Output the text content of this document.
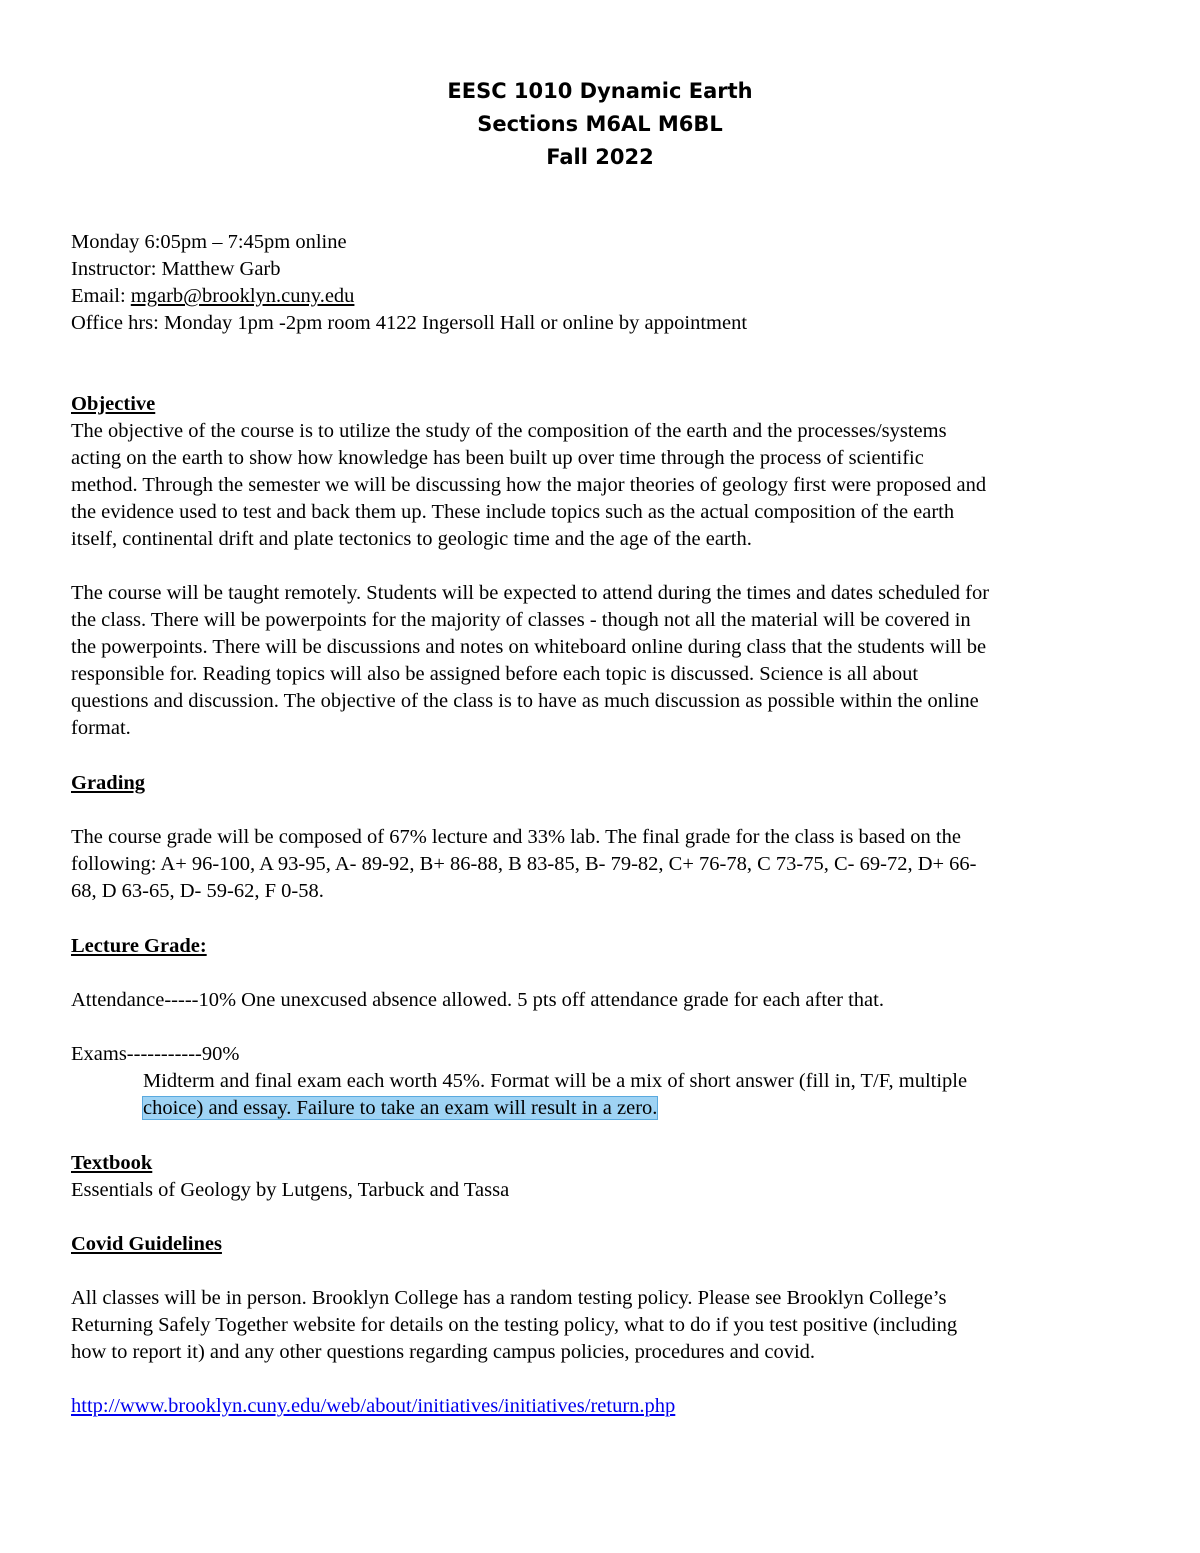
EESC 1010 Dynamic Earth
Sections M6AL M6BL
Fall 2022
Monday 6:05pm – 7:45pm online
Instructor: Matthew Garb
Email: mgarb@brooklyn.cuny.edu
Office hrs: Monday 1pm -2pm room 4122 Ingersoll Hall or online by appointment
Objective
The objective of the course is to utilize the study of the composition of the earth and the processes/systems
acting on the earth to show how knowledge has been built up over time through the process of scientific
method. Through the semester we will be discussing how the major theories of geology first were proposed and
the evidence used to test and back them up. These include topics such as the actual composition of the earth
itself, continental drift and plate tectonics to geologic time and the age of the earth.
The course will be taught remotely. Students will be expected to attend during the times and dates scheduled for
the class. There will be powerpoints for the majority of classes - though not all the material will be covered in
the powerpoints. There will be discussions and notes on whiteboard online during class that the students will be
responsible for. Reading topics will also be assigned before each topic is discussed. Science is all about
questions and discussion. The objective of the class is to have as much discussion as possible within the online
format.
Grading
The course grade will be composed of 67% lecture and 33% lab. The final grade for the class is based on the
following: A+ 96-100, A 93-95, A- 89-92, B+ 86-88, B 83-85, B- 79-82, C+ 76-78, C 73-75, C- 69-72, D+ 66-
68, D 63-65, D- 59-62, F 0-58.
Lecture Grade:
Attendance-----10% One unexcused absence allowed. 5 pts off attendance grade for each after that.
Exams-----------90%
Midterm and final exam each worth 45%. Format will be a mix of short answer (fill in, T/F, multiple
choice) and essay. Failure to take an exam will result in a zero.
Textbook
Essentials of Geology by Lutgens, Tarbuck and Tassa
Covid Guidelines
All classes will be in person. Brooklyn College has a random testing policy. Please see Brooklyn College’s
Returning Safely Together website for details on the testing policy, what to do if you test positive (including
how to report it) and any other questions regarding campus policies, procedures and covid.
http://www.brooklyn.cuny.edu/web/about/initiatives/initiatives/return.php
